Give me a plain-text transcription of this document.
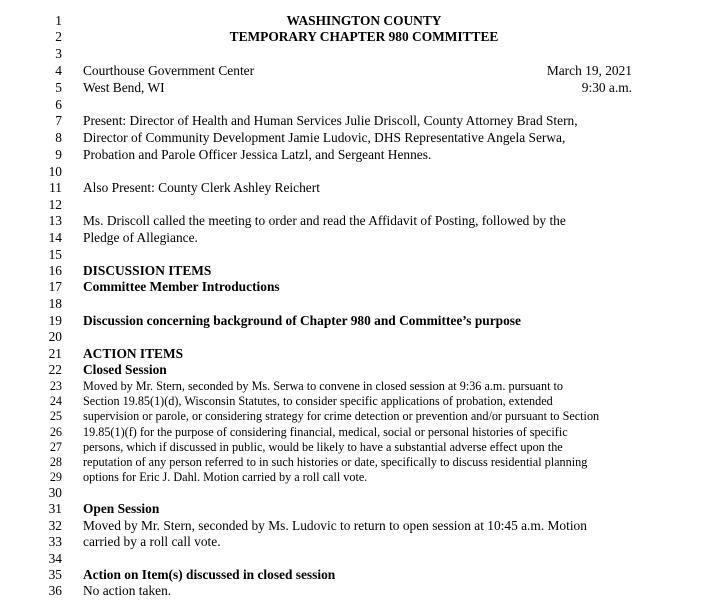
1	WASHINGTON COUNTY
2	TEMPORARY CHAPTER 980 COMMITTEE
3
4 Courthouse Government Center	March 19, 2021
5 West Bend, WI	9:30 a.m.
6
7 Present: Director of Health and Human Services Julie Driscoll, County Attorney Brad Stern,
8 Director of Community Development Jamie Ludovic, DHS Representative Angela Serwa,
9 Probation and Parole Officer Jessica Latzl, and Sergeant Hennes.
10
11 Also Present: County Clerk Ashley Reichert
12
13 Ms. Driscoll called the meeting to order and read the Affidavit of Posting, followed by the
14 Pledge of Allegiance.
15
16 DISCUSSION ITEMS
17 Committee Member Introductions
18
19 Discussion concerning background of Chapter 980 and Committee’s purpose
20
21 ACTION ITEMS
22 Closed Session
23 Moved by Mr. Stern, seconded by Ms. Serwa to convene in closed session at 9:36 a.m. pursuant to
24 Section 19.85(1)(d), Wisconsin Statutes, to consider specific applications of probation, extended
25 supervision or parole, or considering strategy for crime detection or prevention and/or pursuant to Section
26 19.85(1)(f) for the purpose of considering financial, medical, social or personal histories of specific
27 persons, which if discussed in public, would be likely to have a substantial adverse effect upon the
28 reputation of any person referred to in such histories or date, specifically to discuss residential planning
29 options for Eric J. Dahl. Motion carried by a roll call vote.
30
31 Open Session
32 Moved by Mr. Stern, seconded by Ms. Ludovic to return to open session at 10:45 a.m. Motion
33 carried by a roll call vote.
34
35 Action on Item(s) discussed in closed session
36 No action taken.
